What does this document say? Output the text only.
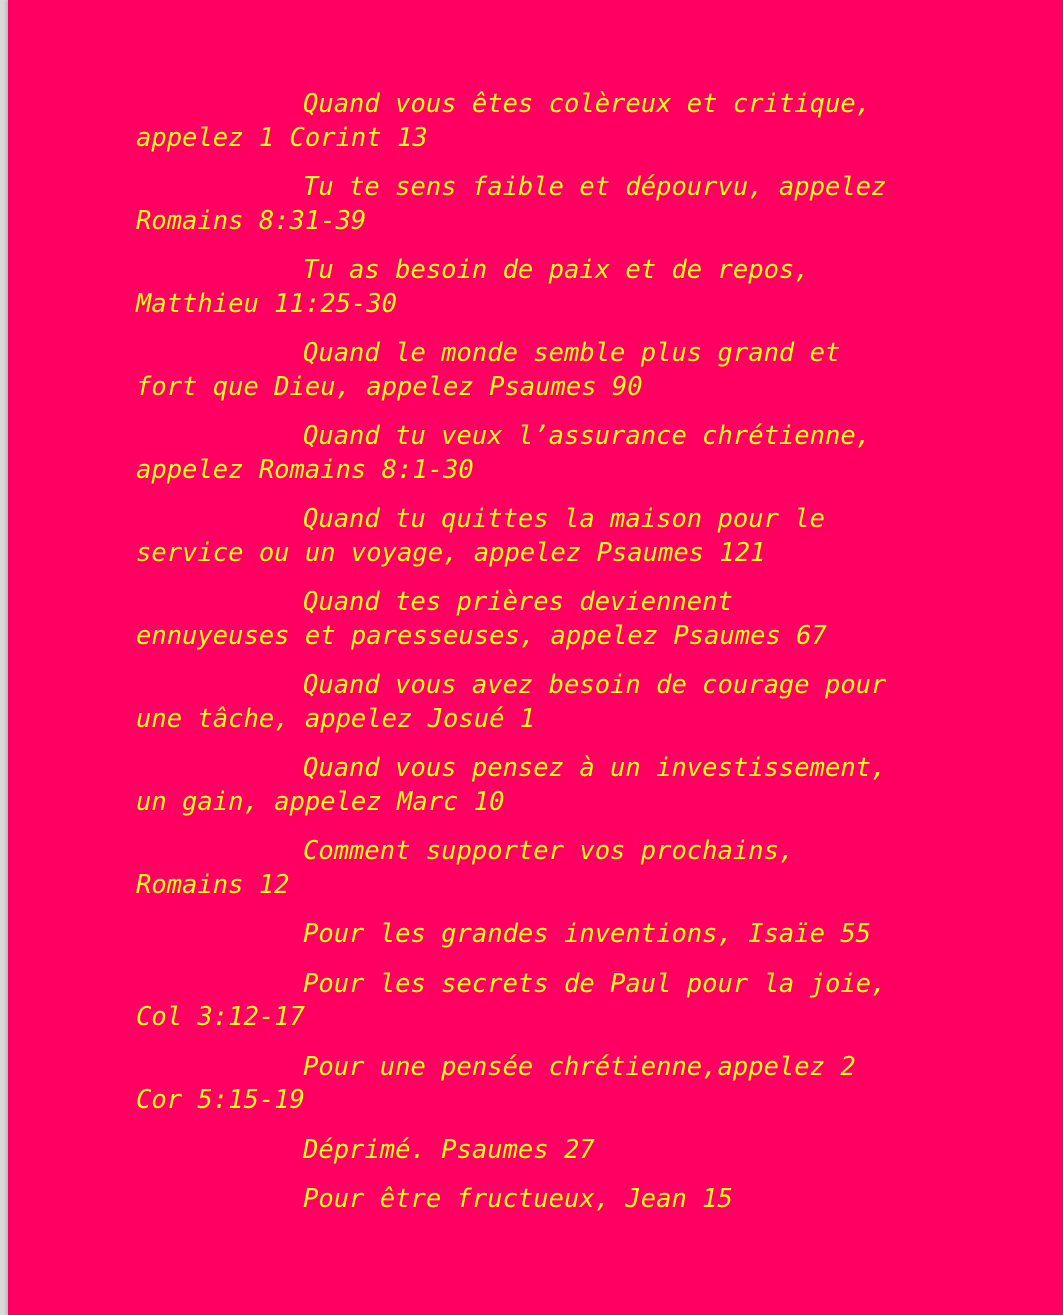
Quand vous êtes colèreux et critique,
appelez 1 Corint 13

Tu te sens faible et dépourvu, appelez
Romains 8:31-39

Tu as besoin de paix et de repos,
Matthieu 11:25-30

Quand le monde semble plus grand et
fort que Dieu, appelez Psaumes 90

Quand tu veux l’assurance chrétienne,
appelez Romains 8:1-30

Quand tu quittes la maison pour le
service ou un voyage, appelez Psaumes 121

Quand tes prières deviennent
ennuyeuses et paresseuses, appelez Psaumes 67

Quand vous avez besoin de courage pour
une tâche, appelez Josué 1

Quand vous pensez à un investissement,
un gain, appelez Marc 10

Comment supporter vos prochains,
Romains 12

Pour les grandes inventions, Isaïe 55

Pour les secrets de Paul pour la joie,
Col 3:12-17

Pour une pensée chrétienne,appelez 2
Cor 5:15-19

Déprimé. Psaumes 27

Pour être fructueux, Jean 15
